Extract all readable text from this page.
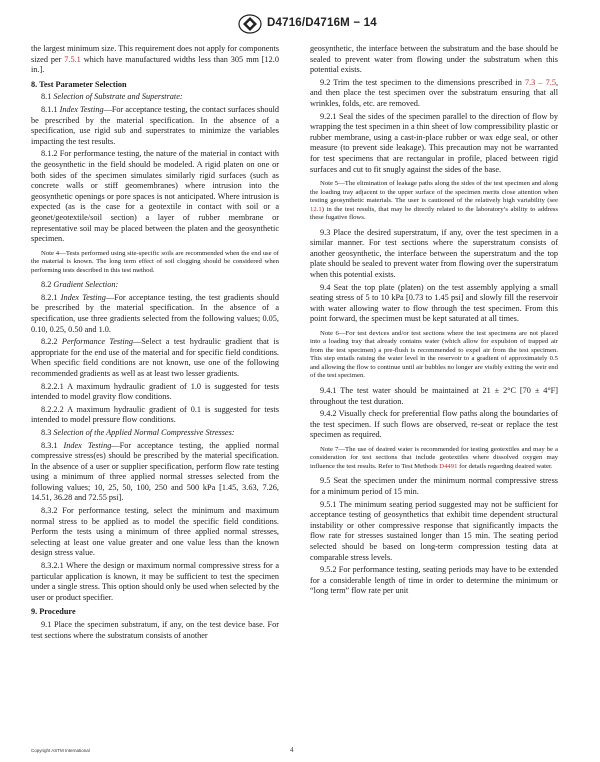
D4716/D4716M − 14

the largest minimum size. This requirement does not apply for components sized per 7.5.1 which have manufactured widths less than 305 mm [12.0 in.].

8. Test Parameter Selection

8.1 Selection of Substrate and Superstrate:

8.1.1 Index Testing—For acceptance testing, the contact surfaces should be prescribed by the material specification. In the absence of a specification, use rigid sub and superstrates to minimize the variables impacting the test results.

8.1.2 For performance testing, the nature of the material in contact with the geosynthetic in the field should be modeled. A rigid platen on one or both sides of the specimen simulates similarly rigid surfaces (such as concrete walls or stiff geomembranes) where intrusion into the geosynthetic openings or pore spaces is not anticipated. Where intrusion is expected (as is the case for a geotextile in contact with soil or a geonet/geotextile/soil section) a layer of rubber membrane or representative soil may be placed between the platen and the geosynthetic specimen.

Note 4—Tests performed using site-specific soils are recommended when the end use of the material is known. The long term effect of soil clogging should be considered when performing tests described in this test method.

8.2 Gradient Selection:

8.2.1 Index Testing—For acceptance testing, the test gradients should be prescribed by the material specification. In the absence of a specification, use three gradients selected from the following values; 0.05, 0.10, 0.25, 0.50 and 1.0.

8.2.2 Performance Testing—Select a test hydraulic gradient that is appropriate for the end use of the material and for specific field conditions. When specific field conditions are not known, use one of the following recommended gradients as well as at least two lesser gradients.

8.2.2.1 A maximum hydraulic gradient of 1.0 is suggested for tests intended to model gravity flow conditions.

8.2.2.2 A maximum hydraulic gradient of 0.1 is suggested for tests intended to model pressure flow conditions.

8.3 Selection of the Applied Normal Compressive Stresses:

8.3.1 Index Testing—For acceptance testing, the applied normal compressive stress(es) should be prescribed by the material specification. In the absence of a user or supplier specification, perform flow rate testing using a minimum of three applied normal stresses selected from the following values; 10, 25, 50, 100, 250 and 500 kPa [1.45, 3.63, 7.26, 14.51, 36.28 and 72.55 psi].

8.3.2 For performance testing, select the minimum and maximum normal stress to be applied as to model the specific field conditions. Perform the tests using a minimum of three applied normal stresses, selecting at least one value greater and one value less than the known design stress value.

8.3.2.1 Where the design or maximum normal compressive stress for a particular application is known, it may be sufficient to test the specimen under a single stress. This option should only be used when selected by the user or product specifier.

9. Procedure

9.1 Place the specimen substratum, if any, on the test device base. For test sections where the substratum consists of another

geosynthetic, the interface between the substratum and the base should be sealed to prevent water from flowing under the substratum when this potential exists.

9.2 Trim the test specimen to the dimensions prescribed in 7.3 – 7.5, and then place the test specimen over the substratum ensuring that all wrinkles, folds, etc. are removed.

9.2.1 Seal the sides of the specimen parallel to the direction of flow by wrapping the test specimen in a thin sheet of low compressibility plastic or rubber membrane, using a cast-in-place rubber or wax edge seal, or other measure (to prevent side leakage). This precaution may not be warranted for test specimens that are rectangular in profile, placed between rigid surfaces and cut to fit snugly against the sides of the base.

Note 5—The elimination of leakage paths along the sides of the test specimen and along the loading tray adjacent to the upper surface of the specimen merits close attention when testing geosynthetic materials. The user is cautioned of the relatively high variability (see 12.1) in the test results, that may be directly related to the laboratory’s ability to address these fugative flows.

9.3 Place the desired superstratum, if any, over the test specimen in a similar manner. For test sections where the superstratum consists of another geosynthetic, the interface between the superstratum and the top plate should be sealed to prevent water from flowing over the superstratum when this potential exists.

9.4 Seat the top plate (platen) on the test assembly applying a small seating stress of 5 to 10 kPa [0.73 to 1.45 psi] and slowly fill the reservoir with water allowing water to flow through the test specimen. From this point forward, the specimen must be kept saturated at all times.

Note 6—For test devices and/or test sections where the test specimens are not placed into a loading tray that already contains water (which allow for expulsion of trapped air from the test specimen) a pre-flush is recommended to expel air from the test specimen. This step entails raising the water level in the reservoir to a gradient of approximately 0.5 and allowing the flow to continue until air bubbles no longer are visibly exiting the weir end of the test specimen.

9.4.1 The test water should be maintained at 21 ± 2°C [70 ± 4°F] throughout the test duration.

9.4.2 Visually check for preferential flow paths along the boundaries of the test specimen. If such flows are observed, re-seat or replace the test specimen as required.

Note 7—The use of deaired water is recommended for testing geotextiles and may be a consideration for test sections that include geotextiles where dissolved oxygen may influence the test results. Refer to Test Methods D4491 for details regarding deaired water.

9.5 Seat the specimen under the minimum normal compressive stress for a minimum period of 15 min.

9.5.1 The minimum seating period suggested may not be sufficient for acceptance testing of geosynthetics that exhibit time dependent structural instability or other compressive response that significantly impacts the flow rate for stresses sustained longer than 15 min. The seating period selected should be based on long-term compression testing data at comparable stress levels.

9.5.2 For performance testing, seating periods may have to be extended for a considerable length of time in order to determine the minimum or “long term” flow rate per unit

Copyright ASTM International	4
